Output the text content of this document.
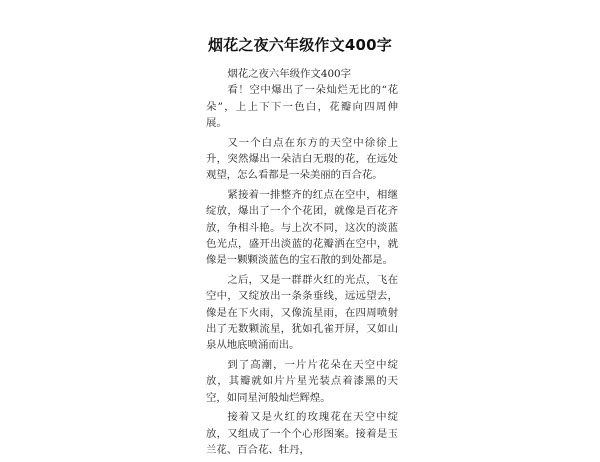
烟花之夜六年级作文400字

烟花之夜六年级作文400字

看！空中爆出了一朵灿烂无比的“花朵”，上上下下一色白，花瓣向四周伸展。

又一个白点在东方的天空中徐徐上升，突然爆出一朵洁白无瑕的花，在远处观望，怎么看都是一朵美丽的百合花。

紧接着一排整齐的红点在空中，相继绽放，爆出了一个个花团，就像是百花齐放，争相斗艳。与上次不同，这次的淡蓝色光点，盛开出淡蓝的花瓣洒在空中，就像是一颗颗淡蓝色的宝石散的到处都是。

之后，又是一群群火红的光点，飞在空中，又绽放出一条条垂线，远远望去，像是在下火雨，又像流星雨，在四周喷射出了无数颗流星，犹如孔雀开屏，又如山泉从地底喷涌而出。

到了高潮，一片片花朵在天空中绽放，其瓣就如片片星光装点着漆黑的天空，如同星河般灿烂辉煌。

接着又是火红的玫瑰花在天空中绽放，又组成了一个个心形图案。接着是玉兰花、百合花、牡丹，
